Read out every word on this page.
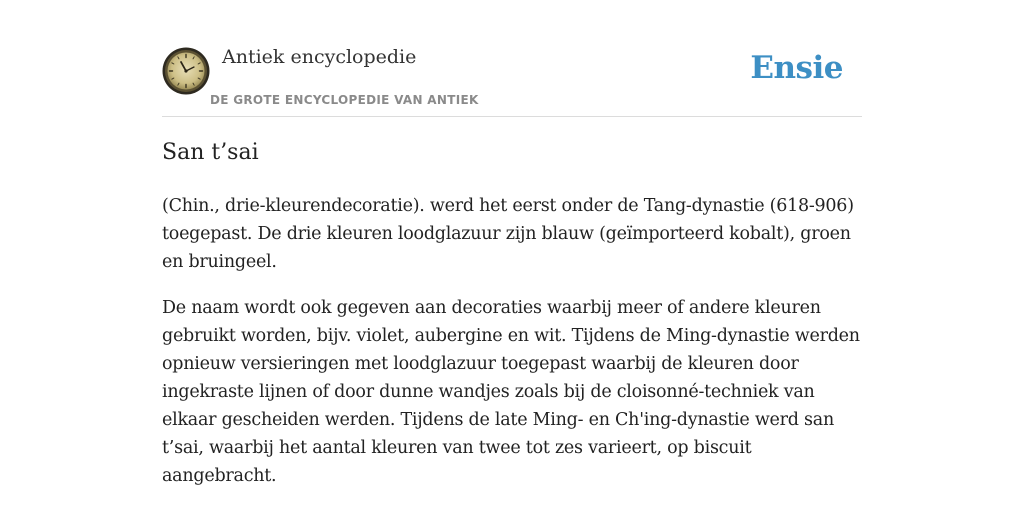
Antiek encyclopedie
DE GROTE ENCYCLOPEDIE VAN ANTIEK
Ensie
San t’sai

(Chin., drie-kleurendecoratie). werd het eerst onder de Tang-dynastie (618-906) toegepast. De drie kleuren loodglazuur zijn blauw (geïmporteerd kobalt), groen en bruingeel.

De naam wordt ook gegeven aan decoraties waarbij meer of andere kleuren gebruikt worden, bijv. violet, aubergine en wit. Tijdens de Ming-dynastie werden opnieuw versieringen met loodglazuur toegepast waarbij de kleuren door ingekraste lijnen of door dunne wandjes zoals bij de cloisonné-techniek van elkaar gescheiden werden. Tijdens de late Ming- en Ch'ing-dynastie werd san t’sai, waarbij het aantal kleuren van twee tot zes varieert, op biscuit aangebracht.
